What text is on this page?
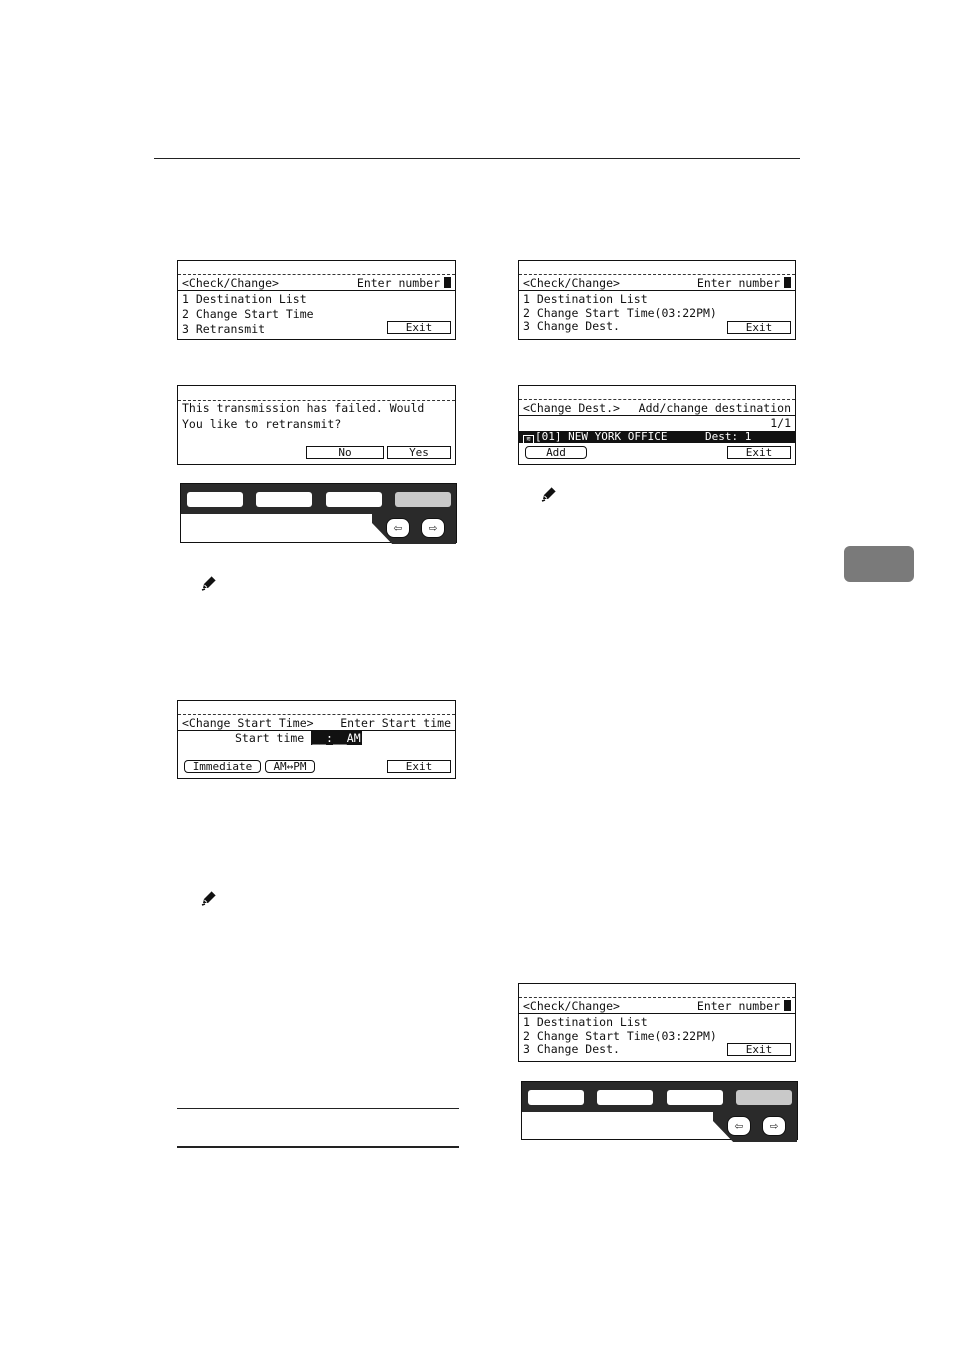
<Check/Change>	Enter number
1 Destination List
2 Change Start Time
3 Retransmit	Exit
This transmission has failed. Would
You like to retransmit?
No	Yes
⇦	⇨
<Change Start Time> Enter Start time
Start time __:__AM
Immediate	AM↔PM	Exit
<Check/Change>	Enter number
1 Destination List
2 Change Start Time(03:22PM)
3 Change Dest.	Exit
<Change Dest.> Add/change destination
1/1
≋ [01] NEW YORK OFFICE	Dest: 1
Add	Exit
<Check/Change>	Enter number
1 Destination List
2 Change Start Time(03:22PM)
3 Change Dest.	Exit
⇦	⇨
